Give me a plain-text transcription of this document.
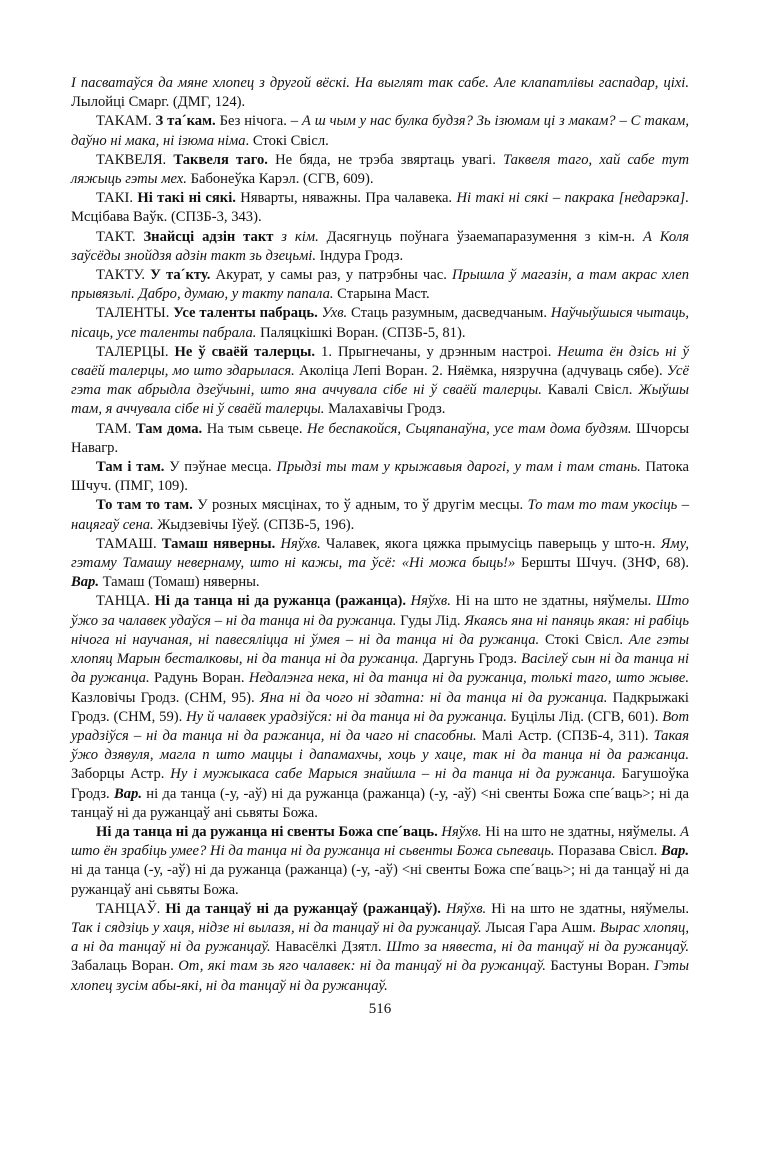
І пасватаўся да мяне хлопец з другой вёскі. На выглят так сабе. Але клапатлівы гаспадар, ціхі. Лылойці Смарг. (ДМГ, 124).

ТАКАМ. З та´кам. Без нічога. – А ш чым у нас булка будзя? Зь ізюмам ці з макам? – С такам, даўно ні мака, ні ізюма німа. Стокі Свісл.

ТАКВЕЛЯ. Таквеля таго. Не бяда, не трэба звяртаць увагі. Таквеля таго, хай сабе тут ляжыць гэты мех. Бабонеўка Карэл. (СГВ, 609).

ТАКІ. Ні такі ні сякі. Няварты, няважны. Пра чалавека. Ні такі ні сякі – пакрака [недарэка]. Мсцібава Ваўк. (СПЗБ-3, 343).

ТАКТ. Знайсці адзін такт з кім. Дасягнуць поўнага ўзаемапаразумення з кім-н. А Коля заўсёды знойдзя адзін такт зь дзецьмі. Індура Гродз.

ТАКТУ. У та´кту. Акурат, у самы раз, у патрэбны час. Прышла ў магазін, а там акрас хлеп прывязьлі. Дабро, думаю, у такту папала. Старына Маст.

ТАЛЕНТЫ. Усе таленты пабраць. Ухв. Стаць разумным, дасведчаным. Наўчыўшыся чытаць, пісаць, усе таленты пабрала. Паляцкішкі Воран. (СПЗБ-5, 81).

ТАЛЕРЦЫ. Не ў сваёй талерцы. 1. Прыгнечаны, у дрэнным настроі. Нешта ён дзісь ні ў сваёй талерцы, мо што здарылася. Аколіца Лепі Воран. 2. Няёмка, нязручна (адчуваць сябе). Усё гэта так абрыдла дзеўчыні, што яна аччувала сібе ні ў сваёй талерцы. Кавалі Свісл. Жыўшы там, я аччувала сібе ні ў сваёй талерцы. Малахавічы Гродз.

ТАМ. Там дома. На тым сьвеце. Не беспакойся, Сьцяпанаўна, усе там дома будзям. Шчорсы Навагр.

Там і там. У пэўнае месца. Прыдзі ты там у крыжавыя дарогі, у там і там стань. Патока Шчуч. (ПМГ, 109).

То там то там. У розных мясцінах, то ў адным, то ў другім месцы. То там то там укосіць – нацягаў сена. Жыдзевічы Іўеў. (СПЗБ-5, 196).

ТАМАШ. Тамаш няверны. Няўхв. Чалавек, якога цяжка прымусіць паверыць у што-н. Яму, гэтаму Тамашу невернаму, што ні кажы, та ўсё: «Ні можа быць!» Бершты Шчуч. (ЗНФ, 68). Вар. Тамаш (Томаш) няверны.

ТАНЦА. Ні да танца ні да ружанца (ражанца). Няўхв. Ні на што не здатны, няўмелы. Што ўжо за чалавек удаўся – ні да танца ні да ружанца. Гуды Лід. Якаясь яна ні паняць якая: ні рабіць нічога ні научаная, ні павесяліцца ні ўмея – ні да танца ні да ружанца. Стокі Свісл. Але гэты хлопяц Марын бесталковы, ні да танца ні да ружанца. Даргунь Гродз. Васілеў сын ні да танца ні да ружанца. Радунь Воран. Недалэнга нека, ні да танца ні да ружанца, толькі таго, што жыве. Казловічы Гродз. (СНМ, 95). Яна ні да чого ні здатна: ні да танца ні да ружанца. Падкрыжакі Гродз. (СНМ, 59). Ну й чалавек урадзіўся: ні да танца ні да ружанца. Буцілы Лід. (СГВ, 601). Вот урадзіўся – ні да танца ні да ражанца, ні да чаго ні спасобны. Малі Астр. (СПЗБ-4, 311). Такая ўжо дзявуля, магла п што маццы і дапамахчы, хоць у хаце, так ні да танца ні да ражанца. Заборцы Астр. Ну і мужыкаса сабе Марыся знайшла – ні да танца ні да ружанца. Багушоўка Гродз. Вар. ні да танца (-у, -аў) ні да ружанца (ражанца) (-у, -аў) <ні свенты Божа спе´ваць>; ні да танцаў ні да ружанцаў ані сьвяты Божа.

Ні да танца ні да ружанца ні свенты Божа спе´ваць. Няўхв. Ні на што не здатны, няўмелы. А што ён зрабіць умее? Ні да танца ні да ружанца ні сьвенты Божа сьпеваць. Поразава Свісл. Вар. ні да танца (-у, -аў) ні да ружанца (ражанца) (-у, -аў) <ні свенты Божа спе´ваць>; ні да танцаў ні да ружанцаў ані сьвяты Божа.

ТАНЦАЎ. Ні да танцаў ні да ружанцаў (ражанцаў). Няўхв. Ні на што не здатны, няўмелы. Так і сядзіць у хаця, нідзе ні вылазя, ні да танцаў ні да ружанцаў. Лысая Гара Ашм. Вырас хлопяц, а ні да танцаў ні да ружанцаў. Навасёлкі Дзятл. Што за нявеста, ні да танцаў ні да ружанцаў. Забалаць Воран. От, які там зь яго чалавек: ні да танцаў ні да ружанцаў. Бастуны Воран. Гэты хлопец зусім абы-які, ні да танцаў ні да ружанцаў.

516
